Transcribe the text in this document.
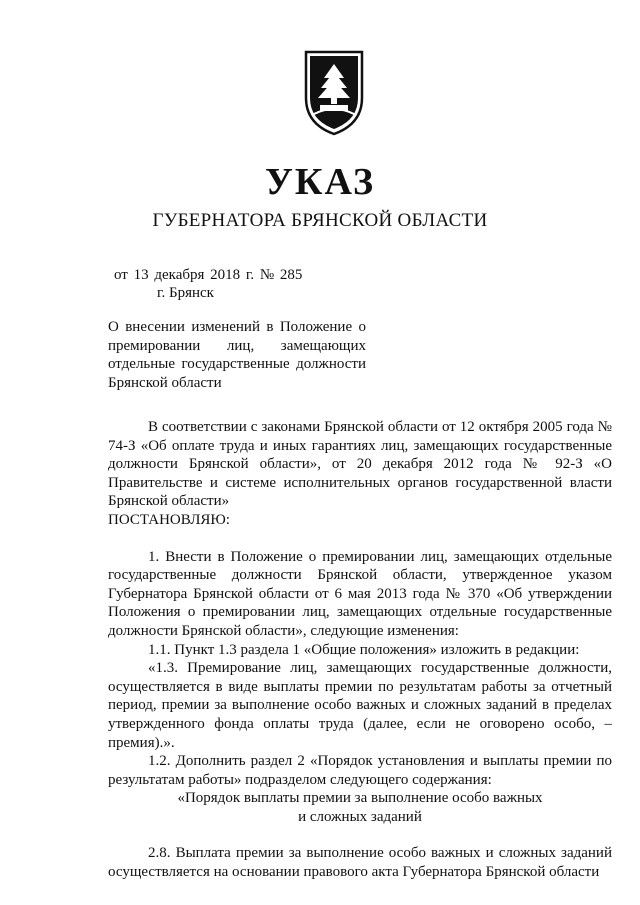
УКАЗ
ГУБЕРНАТОРА БРЯНСКОЙ ОБЛАСТИ
от 13 декабря 2018 г. № 285
г. Брянск
О внесении изменений в Положение о премировании лиц, замещающих отдельные государственные должности Брянской области

В соответствии с законами Брянской области от 12 октября 2005 года № 74-З «Об оплате труда и иных гарантиях лиц, замещающих государственные должности Брянской области», от 20 декабря 2012 года № 92-З «О Правительстве и системе исполнительных органов государственной власти Брянской области»

ПОСТАНОВЛЯЮ:

1. Внести в Положение о премировании лиц, замещающих отдельные государственные должности Брянской области, утвержденное указом Губернатора Брянской области от 6 мая 2013 года № 370 «Об утверждении Положения о премировании лиц, замещающих отдельные государственные должности Брянской области», следующие изменения:

1.1. Пункт 1.3 раздела 1 «Общие положения» изложить в редакции:

«1.3. Премирование лиц, замещающих государственные должности, осуществляется в виде выплаты премии по результатам работы за отчетный период, премии за выполнение особо важных и сложных заданий в пределах утвержденного фонда оплаты труда (далее, если не оговорено особо, – премия).».

1.2. Дополнить раздел 2 «Порядок установления и выплаты премии по результатам работы» подразделом следующего содержания:

«Порядок выплаты премии за выполнение особо важных

и сложных заданий

2.8. Выплата премии за выполнение особо важных и сложных заданий осуществляется на основании правового акта Губернатора Брянской области
